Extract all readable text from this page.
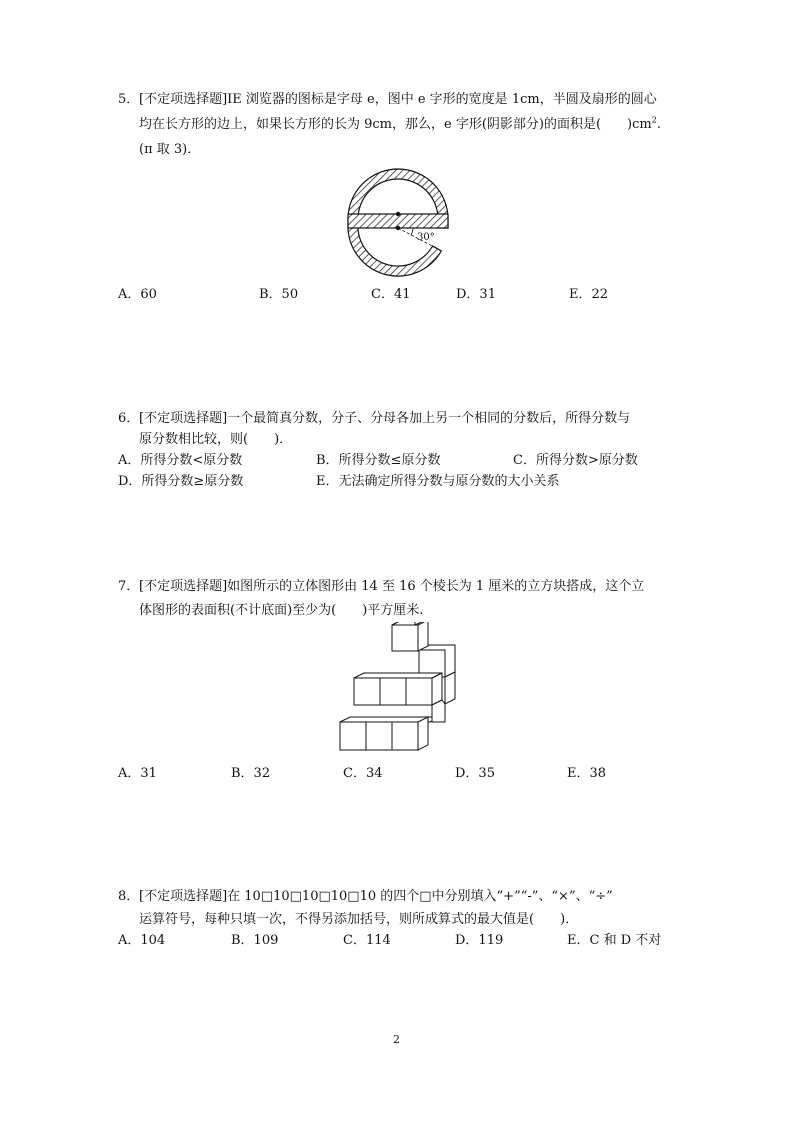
5． [不定项选择题]IE 浏览器的图标是字母 e，图中 e 字形的宽度是 1cm，半圆及扇形的圆心
均在长方形的边上，如果长方形的长为 9cm，那么，e 字形(阴影部分)的面积是(　　)$cm^2$.
(π 取 3)．
30°
A．60	B．50	C．41	D．31	E．22
6． [不定项选择题]一个最简真分数，分子、分母各加上另一个相同的分数后，所得分数与
原分数相比较，则(　　)．
A．所得分数<原分数	B．所得分数≤原分数	C．所得分数>原分数
D．所得分数≥原分数	E．无法确定所得分数与原分数的大小关系
7． [不定项选择题]如图所示的立体图形由 14 至 16 个棱长为 1 厘米的立方块搭成，这个立
体图形的表面积(不计底面)至少为(　　)平方厘米.
A．31	B．32	C．34	D．35	E．38
8． [不定项选择题]在 10□10□10□10□10 的四个□中分别填入“+”“-”、“×”、“÷”
运算符号，每种只填一次，不得另添加括号，则所成算式的最大值是(　　)．
A．104	B．109	C．114	D．119	E．C 和 D 不对
2
